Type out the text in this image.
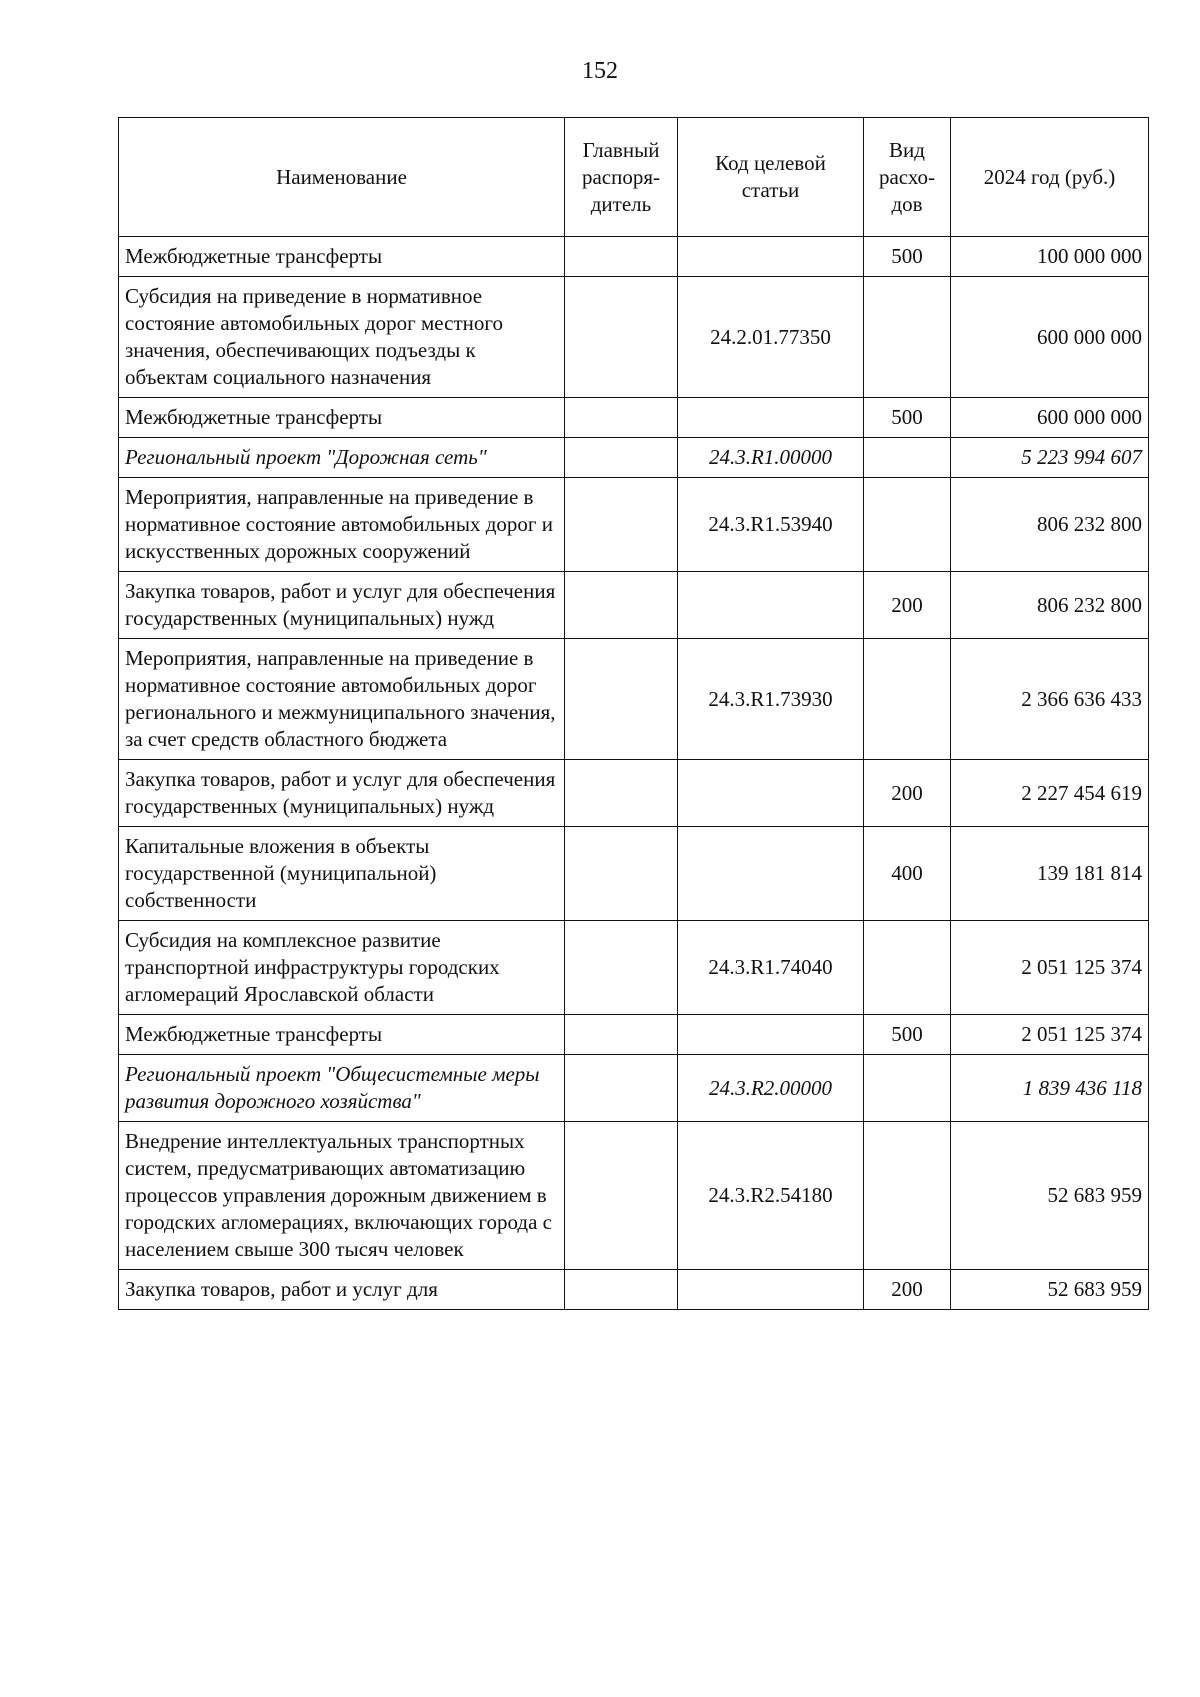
152
Наименование	Главный распоря-дитель	Код целевой статьи	Вид расхо-дов	2024 год (руб.)
Межбюджетные трансферты			500	100 000 000
Субсидия на приведение в нормативное состояние автомобильных дорог местного значения, обеспечивающих подъезды к объектам социального назначения		24.2.01.77350		600 000 000
Межбюджетные трансферты			500	600 000 000
Региональный проект "Дорожная сеть"		24.3.R1.00000		5 223 994 607
Мероприятия, направленные на приведение в нормативное состояние автомобильных дорог и искусственных дорожных сооружений		24.3.R1.53940		806 232 800
Закупка товаров, работ и услуг для обеспечения государственных (муниципальных) нужд			200	806 232 800
Мероприятия, направленные на приведение в нормативное состояние автомобильных дорог регионального и межмуниципального значения, за счет средств областного бюджета		24.3.R1.73930		2 366 636 433
Закупка товаров, работ и услуг для обеспечения государственных (муниципальных) нужд			200	2 227 454 619
Капитальные вложения в объекты государственной (муниципальной) собственности			400	139 181 814
Субсидия на комплексное развитие транспортной инфраструктуры городских агломераций Ярославской области		24.3.R1.74040		2 051 125 374
Межбюджетные трансферты			500	2 051 125 374
Региональный проект "Общесистемные меры развития дорожного хозяйства"		24.3.R2.00000		1 839 436 118
Внедрение интеллектуальных транспортных систем, предусматривающих автоматизацию процессов управления дорожным движением в городских агломерациях, включающих города с населением свыше 300 тысяч человек		24.3.R2.54180		52 683 959
Закупка товаров, работ и услуг для			200	52 683 959
